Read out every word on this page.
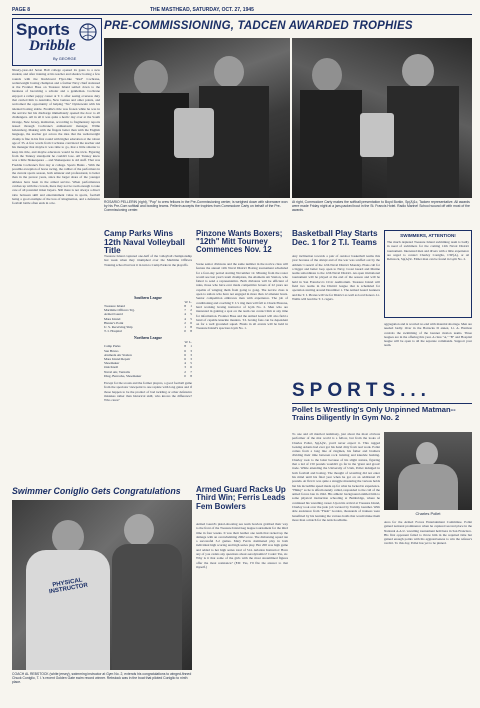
PAGE 8	THE MASTHEAD, SATURDAY, OCT. 27, 1945
Sports
Dribble
By GEORGE
PRE-COMMISSIONING, TADCEN AWARDED TROPHIES
ROSARIO PELLERIN (right), "Pop" to crew fellows in the Pre-Commissioning center, is weighed down with silverware won by his Pre-Com softball and bowling teams. Pellerin accepts the trophies from Commodore Carty on behalf of the Pre-Commissioning center.
At right, Commodore Carty makes the softball presentation to Boyd Borkin, Sp(A)1c, Tadcen representative. All awards were made Friday night at a jam-packed bout in the St. Francis Hotel. Radio Marine! School wound off with most of the awards.
Ninety-year-old Seton Hall college opened its gates to a new student, and after training at his teacher and shadow boxing a few rounds with the blackboard Flyer-like "Red" Cochrane, welterweight boxing champion and a former Navy chief stationed at the Frontier Base on Treasure Island settled down to the business of becoming a scholar and a gentleman. Cochrane enjoyed a rather peppy career at T. I. after seeing overseas duty that carried him to Australia, New Guinea and other points, and welcomed the opportunity of helping "Sis" Dynkowski with his talented boxing stable. Freddie's title was frozen while he was in the service but his discharge immediately opened the door to all challengers. All in all it was quite a hectic day over at the South Orange, New Jersey, institution, according to fragmentary reports issued through Cochrane's enthusiastic manager, Willie Gilzenberg. Making with the fingers better than with the English language, the teacher got across the idea that the welterweight champ is fine in his first round with higher education at the robust age of 35. A few words from Cochrane convinced the teacher and his manager that maybe it was time to go, that a little smarter to keep his title, and maybe educators would be the trick. Figuring from the Tunney standpoint he couldn't lose. All Tunney knew was a little Shakespeare ... and Shakespeare is old stuff. That was Freddie Cochrane's first day at college. Sports Bunts - With the possible exception of horse racing, the caliber of the performers in the current sports season, both amateur and professional, is better than in the prewar years, since the larger share of the younger athletes have been in the armed service. When performances catches up with the crowds, there may not be room enough to take care of all potential ticket buyers. Still there is not always a direct ratio between skill and entertainment value in sports, football being a good example of the loss of imagination, and a defensive football battle often ends in a tie.
Camp Parks Wins 12th Naval Volleyball Title
Treasure Island captured one-half of the volleyball championship last week when they triumphed over the Maritime Officers Training school but lost it in turn to Camp Parks in the playoffs.
Southern League
W. L.
Treasure Island	8	1
Maritime Officers Trg.	7	2
Armed Guard	4	5
Mare Island	4	5
Hunter's Point	2	6
U. S. Receiving Ship	1	8
T. I. Hospital	0	8
Northern League
W. L.
Camp Parks	8	1
San Bruno	6	3
Alameda Air Station	6	3
Mare Island Repair	6	3
Shoemaker	4	5
Oak Knoll	3	6
Naval Air, Vernalis	2	7
Diag. Barracks, Shoemaker	0	8
Except for the scouts and the former players, a good football game from the spectator viewpoint is one replete with long gains and if those happen to be the product of bad tackling or other defensive mistakes rather than historical skill, who knows the difference? Who cares?
Pinzone Wants Boxers; "12th" Mitt Tourney Commences Nov. 12
Scene senior divisions and the same number in the novice class will feature the annual 12th Naval District Boxing tournament scheduled for a four-day period starting November 12. Missing from the roster would see last year's team champions, the Alameda Air Station, who failed to send a representative. Both divisions will be efficient of rules, those who have ever made competitive boxers of 22 years are capable of winging them from going to gong. The novice class is open to sailors who have not engaged in more than 12 amateur bouts. Senior competition embraces men with experience. The job of conditioning and coaching T. I.'s ring men will fall to Chuck Pinzone, hard working boxing instructor of Gym No. 2. Men who are interested in gaining a spot on the team can contact him at any time for information. Frontier Base and the Armed Guard will also field a band of capable knuckle maulers. T.I. boxing fans can be dependent on for a well grounded squad. Finals in all events will be held in Treasure Island's spacious Gym No. 1.
Basketball Play Starts Dec. 1 for 2 T.I. Teams
Any inclination towards a pair of outdoor basketball teams this year because of the abrupt end of the war was scuffed out by the Athletic Council of the 12th Naval District Monday. Plans call for a bigger and better loop open to Navy, Coast Guard and Marine teams subordinate to the 12th Naval District. An open invitational tournament will be played at the end of the season and will be held in San Francisco's Civic Auditorium. Treasure Island will field two teams in the District league that is scheduled for operation starting around December 1. The Armed Guard Gunners and the T. I. Pirates will vie for District as well as local honors. Lt. Wallis will lead the T. I. cagers.
SWIMMERS, ATTENTION!
The much depleted Treasure Island swimming team is badly in need of swimmers for the coming 12th Naval District tournament. Interested men and divers with a little experience are urged to contact Charley Coniglio, CSP(A), or Al Rebstock, Sp(A)3c. Either man can be found in Gym No. 2.
aggregation and is worried no end with material shortage. Men are needed badly. Over in the Barracks D annex, Lt. A. Harmon controls the swimming of the Gunner motion teams. Three leagues are in the offering this year. A class "A," "B" and Hospital league will be open to all the separate commands. Support your team.
SPORTS...
Pollet Is Wrestling's Only Unpinned Matman--Trains Diligently In Gym No. 2
To one and all married testimony, just about the most obvious performer of the mat world is a fellow, but from the looks of Charles Pollet, Sp(A)3c, you'd never expect it. This rugged looking Adonis had ever got his hand dirty from real work. Pollet comes from a long line of ringmen, his father and brothers dividing their time between rock twisting and knuckle bashing. Charley took to the latter because of his slight stature, figuring that a lad of 150 pounds wouldn't go far in the 'grunt and groan' trade. While attending the University of Utah, Pollet indulged in both football and boxing. The thought of wrestling did not enter his mind until his final year when he got on an additional 25 pounds. At first it was quite a struggle mastering the various holds but his incredible speed made up for what he lacked in experience. "Hinky" as he is affectionately called, responded to the call of the armed forces late in 1942. His athletic background entitled him to some physical instruction schooling at Bainbridge, where he continued his wrestling career. Upon his arrival at Treasure Island, Charley took over the judo job vacated by Tommy Gunther. With able assistance from "Flash" Gordon, thousands of trainees were benefitted by his learning the various holds that would make them more than a match for the Axis hoodlums.
Charles Pollet
Area for the Armed Forces Entertainment Committee. Pollet gained national prominence when he captured second place in the National A.A.U. wrestling tournament held here in San Francisco. His first opponent failed to throw him in the required time but gained enough points with his aggressiveness to win the referee's verdict. To this day, Pollet has yet to be pinned.
Armed Guard Racks Up Third Win; Ferris Leads Fem Bowlers
Armed Guard's pistol-shooting sea team bowlers grabbed their way to the front of the Treasure Island keg league tournament for the third time in four weeks. It was their leather one team that racked up the damage with an overwhelming 2962 score. The disbursing squad ran a successful 3-2 games. Mary Ferris dominated play in both individual high scoring and high series play. Her 200 was high game and added to her high series total of 514. Aviation Instructor: Have any of you cadets any questions about aerodynamics? Cadet: Yes, sir. Why is it that some of the girls with the most streamlined figures offer the most resistance? (ED: Yes, I'll file the answer to that myself.)
Swimmer Coniglio Gets Congratulations
PHYSICAL INSTRUCTOR
COACH AL REBSTOCK (white jersey), swimming instructor at Gym No. 2, extends his congratulations to winged-finned Chuck Coniglio, T. I.'s recent Golden Gate swim record winner. Rebstock was in the boat that piloted Coniglio to ninth place.
